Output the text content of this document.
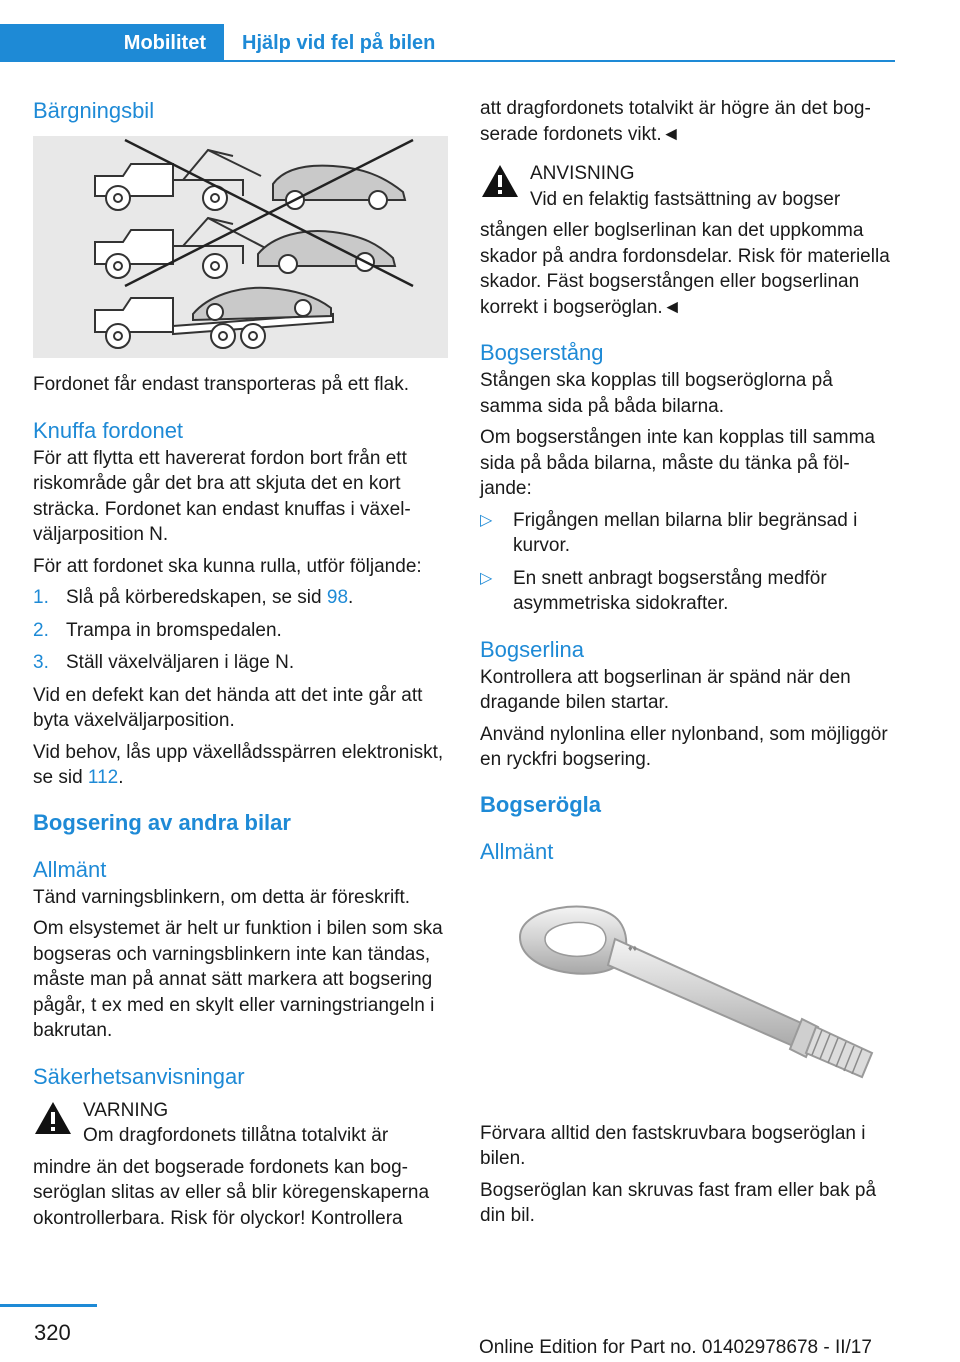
Mobilitet Hjälp vid fel på bilen
Bärgningsbil

Fordonet får endast transporteras på ett flak.

Knuffa fordonet

För att flytta ett havererat fordon bort från ett riskområde går det bra att skjuta det en kort sträcka. Fordonet kan endast knuffas i växelväljarposition N.

För att fordonet ska kunna rulla, utför följande:

1. Slå på körberedskapen, se sid 98.
2. Trampa in bromspedalen.
3. Ställ växelväljaren i läge N.

Vid en defekt kan det hända att det inte går att byta växelväljarposition.

Vid behov, lås upp växellådsspärren elektroniskt, se sid 112.

Bogsering av andra bilar
Allmänt

Tänd varningsblinkern, om detta är föreskrift.

Om elsystemet är helt ur funktion i bilen som ska bogseras och varningsblinkern inte kan tändas, måste man på annat sätt markera att bogsering pågår, t ex med en skylt eller varningstriangeln i bakrutan.

Säkerhetsanvisningar
VARNING
Om dragfordonets tillåtna totalvikt är

mindre än det bogserade fordonets kan bogseröglan slitas av eller så blir köregenskaperna okontrollerbara. Risk för olyckor! Kontrollera

att dragfordonets totalvikt är högre än det bogserade fordonets vikt.◄

ANVISNING
Vid en felaktig fastsättning av bogser

stången eller boglserlinan kan det uppkomma skador på andra fordonsdelar. Risk för materiella skador. Fäst bogserstången eller bogserlinan korrekt i bogseröglan.◄

Bogserstång

Stången ska kopplas till bogseröglorna på samma sida på båda bilarna.

Om bogserstången inte kan kopplas till samma sida på båda bilarna, måste du tänka på följande:

▷ Frigången mellan bilarna blir begränsad i kurvor.
▷ En snett anbragt bogserstång medför asymmetriska sidokrafter.
Bogserlina

Kontrollera att bogserlinan är spänd när den dragande bilen startar.

Använd nylonlina eller nylonband, som möjliggör en ryckfri bogsering.

Bogserögla
Allmänt
♦♦

Förvara alltid den fastskruvbara bogseröglan i bilen.

Bogseröglan kan skruvas fast fram eller bak på din bil.

320
Online Edition for Part no. 01402978678 - II/17
